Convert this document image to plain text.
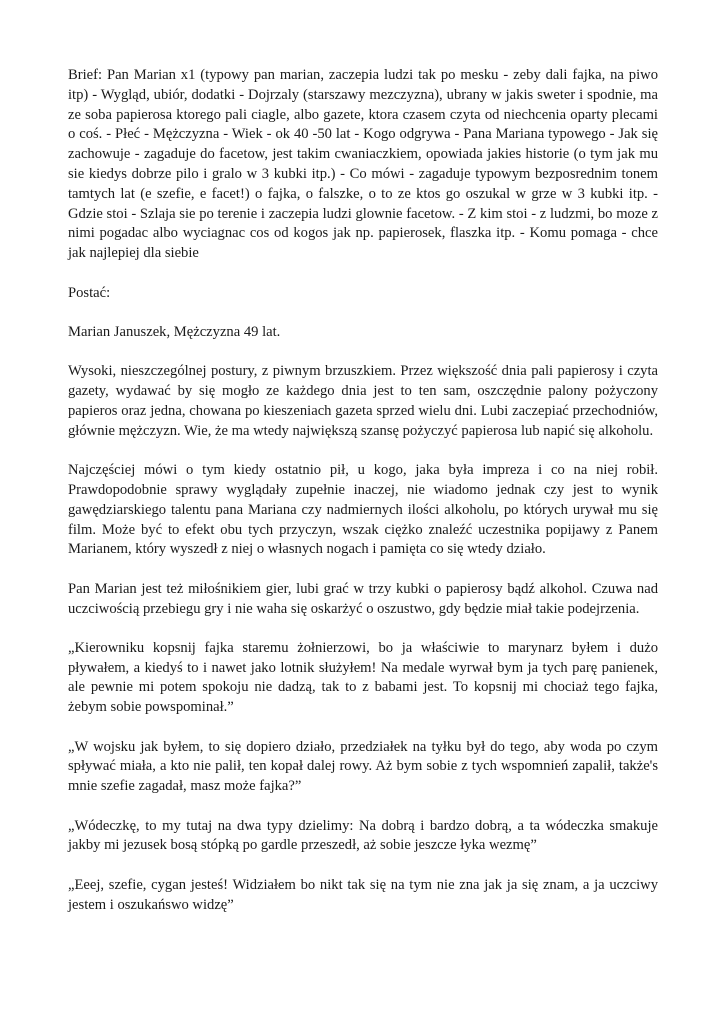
Brief: Pan Marian x1 (typowy pan marian, zaczepia ludzi tak po mesku - zeby dali fajka, na piwo itp) - Wygląd, ubiór, dodatki - Dojrzaly (starszawy mezczyzna), ubrany w jakis sweter i spodnie, ma ze soba papierosa ktorego pali ciagle, albo gazete, ktora czasem czyta od niechcenia oparty plecami o coś. - Płeć - Mężczyzna - Wiek - ok 40 -50 lat - Kogo odgrywa - Pana Mariana typowego - Jak się zachowuje - zagaduje do facetow, jest takim cwaniaczkiem, opowiada jakies historie (o tym jak mu sie kiedys dobrze pilo i gralo w 3 kubki itp.) - Co mówi - zagaduje typowym bezposrednim tonem tamtych lat (e szefie, e facet!) o fajka, o falszke, o to ze ktos go oszukal w grze w 3 kubki itp. - Gdzie stoi - Szlaja sie po terenie i zaczepia ludzi glownie facetow. - Z kim stoi - z ludzmi, bo moze z nimi pogadac albo wyciagnac cos od kogos jak np. papierosek, flaszka itp. - Komu pomaga - chce jak najlepiej dla siebie

Postać:

Marian Januszek, Mężczyzna 49 lat.

Wysoki, nieszczególnej postury, z piwnym brzuszkiem. Przez większość dnia pali papierosy i czyta gazety, wydawać by się mogło ze każdego dnia jest to ten sam, oszczędnie palony pożyczony papieros oraz jedna, chowana po kieszeniach gazeta sprzed wielu dni. Lubi zaczepiać przechodniów, głównie mężczyzn. Wie, że ma wtedy największą szansę pożyczyć papierosa lub napić się alkoholu.

Najczęściej mówi o tym kiedy ostatnio pił, u kogo, jaka była impreza i co na niej robił. Prawdopodobnie sprawy wyglądały zupełnie inaczej, nie wiadomo jednak czy jest to wynik gawędziarskiego talentu pana Mariana czy nadmiernych ilości alkoholu, po których urywał mu się film. Może być to efekt obu tych przyczyn, wszak ciężko znaleźć uczestnika popijawy z Panem Marianem, który wyszedł z niej o własnych nogach i pamięta co się wtedy działo.

Pan Marian jest też miłośnikiem gier, lubi grać w trzy kubki o papierosy bądź alkohol. Czuwa nad uczciwością przebiegu gry i nie waha się oskarżyć o oszustwo, gdy będzie miał takie podejrzenia.

„Kierowniku kopsnij fajka staremu żołnierzowi, bo ja właściwie to marynarz byłem i dużo pływałem, a kiedyś to i nawet jako lotnik służyłem! Na medale wyrwał bym ja tych parę panienek, ale pewnie mi potem spokoju nie dadzą, tak to z babami jest. To kopsnij mi chociaż tego fajka, żebym sobie powspominał.”

„W wojsku jak byłem, to się dopiero działo, przedziałek na tyłku był do tego, aby woda po czym spływać miała, a kto nie palił, ten kopał dalej rowy. Aż bym sobie z tych wspomnień zapalił, także's mnie szefie zagadał, masz może fajka?”

„Wódeczkę, to my tutaj na dwa typy dzielimy: Na dobrą i bardzo dobrą, a ta wódeczka smakuje jakby mi jezusek bosą stópką po gardle przeszedł, aż sobie jeszcze łyka wezmę”

„Eeej, szefie, cygan jesteś! Widziałem bo nikt tak się na tym nie zna jak ja się znam, a ja uczciwy jestem i oszukańswo widzę”
